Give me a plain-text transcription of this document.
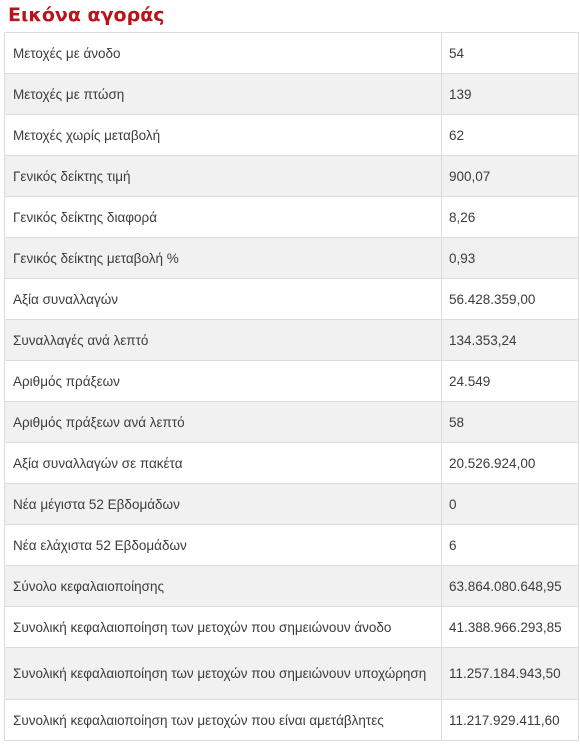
Εικόνα αγοράς
Μετοχές με άνοδο	54
Μετοχές με πτώση	139
Μετοχές χωρίς μεταβολή	62
Γενικός δείκτης τιμή	900,07
Γενικός δείκτης διαφορά	8,26
Γενικός δείκτης μεταβολή %	0,93
Αξία συναλλαγών	56.428.359,00
Συναλλαγές ανά λεπτό	134.353,24
Αριθμός πράξεων	24.549
Αριθμός πράξεων ανά λεπτό	58
Αξία συναλλαγών σε πακέτα	20.526.924,00
Νέα μέγιστα 52 Εβδομάδων	0
Νέα ελάχιστα 52 Εβδομάδων	6
Σύνολο κεφαλαιοποίησης	63.864.080.648,95
Συνολική κεφαλαιοποίηση των μετοχών που σημειώνουν άνοδο	41.388.966.293,85
Συνολική κεφαλαιοποίηση των μετοχών που σημειώνουν υποχώρηση	11.257.184.943,50
Συνολική κεφαλαιοποίηση των μετοχών που είναι αμετάβλητες	11.217.929.411,60
